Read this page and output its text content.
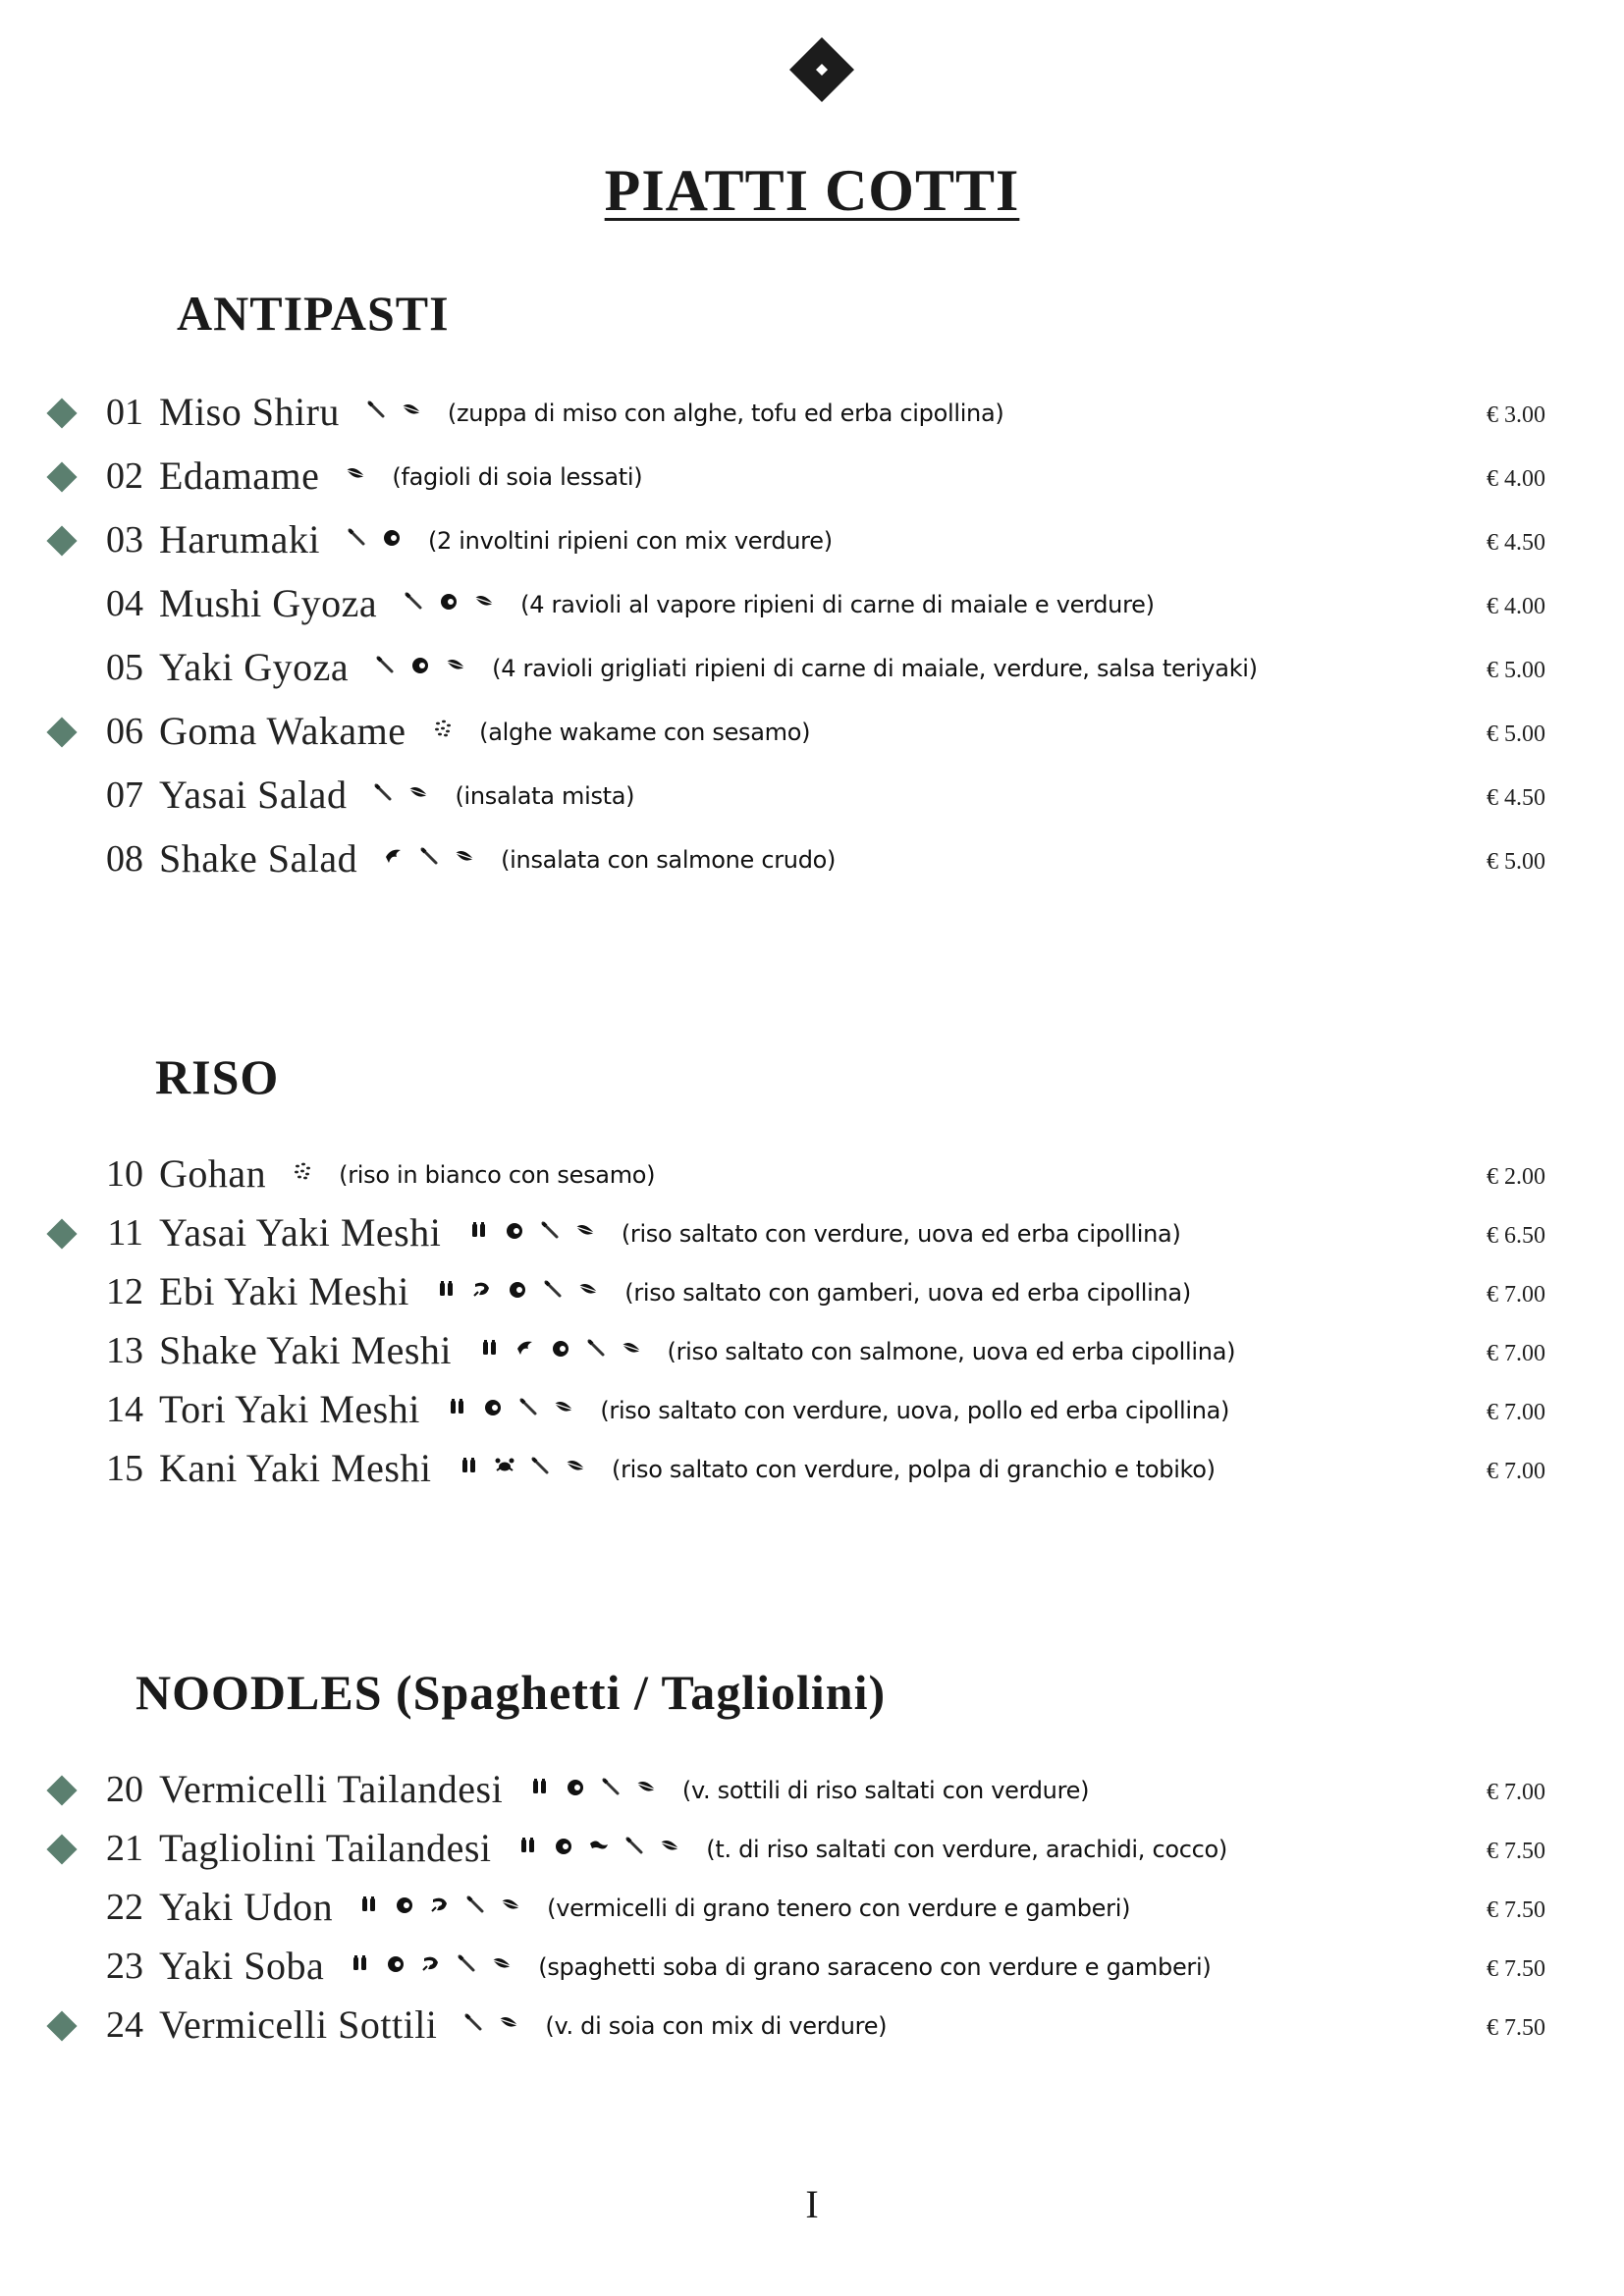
PIATTI COTTI
ANTIPASTI
RISO
NOODLES (Spaghetti / Tagliolini)
01 Miso Shiru	(zuppa di miso con alghe, tofu ed erba cipollina)	€ 3.00
02 Edamame	(fagioli di soia lessati)	€ 4.00
03 Harumaki	(2 involtini ripieni con mix verdure)	€ 4.50
04 Mushi Gyoza	(4 ravioli al vapore ripieni di carne di maiale e verdure)	€ 4.00
05 Yaki Gyoza	(4 ravioli grigliati ripieni di carne di maiale, verdure, salsa teriyaki)	€ 5.00
06 Goma Wakame	(alghe wakame con sesamo)	€ 5.00
07 Yasai Salad	(insalata mista)	€ 4.50
08 Shake Salad	(insalata con salmone crudo)	€ 5.00
10 Gohan	(riso in bianco con sesamo)	€ 2.00
11 Yasai Yaki Meshi	(riso saltato con verdure, uova ed erba cipollina)	€ 6.50
12 Ebi Yaki Meshi	(riso saltato con gamberi, uova ed erba cipollina)	€ 7.00
13 Shake Yaki Meshi	(riso saltato con salmone, uova ed erba cipollina)	€ 7.00
14 Tori Yaki Meshi	(riso saltato con verdure, uova, pollo ed erba cipollina)	€ 7.00
15 Kani Yaki Meshi	(riso saltato con verdure, polpa di granchio e tobiko)	€ 7.00
20 Vermicelli Tailandesi	(v. sottili di riso saltati con verdure)	€ 7.00
21 Tagliolini Tailandesi	(t. di riso saltati con verdure, arachidi, cocco)	€ 7.50
22 Yaki Udon	(vermicelli di grano tenero con verdure e gamberi)	€ 7.50
23 Yaki Soba	(spaghetti soba di grano saraceno con verdure e gamberi)	€ 7.50
24 Vermicelli Sottili	(v. di soia con mix di verdure)	€ 7.50
I
